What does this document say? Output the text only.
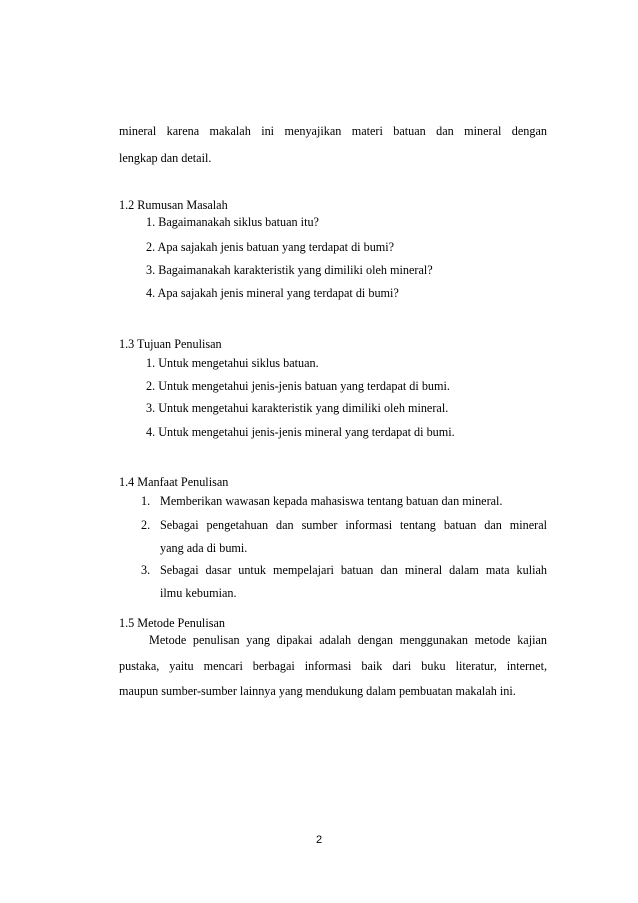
mineral karena makalah ini menyajikan materi batuan dan mineral dengan
lengkap dan detail.
1.2 Rumusan Masalah
1. Bagaimanakah siklus batuan itu?
2. Apa sajakah jenis batuan yang terdapat di bumi?
3. Bagaimanakah karakteristik yang dimiliki oleh mineral?
4. Apa sajakah jenis mineral yang terdapat di bumi?
1.3 Tujuan Penulisan
1. Untuk mengetahui siklus batuan.
2. Untuk mengetahui jenis-jenis batuan yang terdapat di bumi.
3. Untuk mengetahui karakteristik yang dimiliki oleh mineral.
4. Untuk mengetahui jenis-jenis mineral yang terdapat di bumi.
1.4 Manfaat Penulisan
1. Memberikan wawasan kepada mahasiswa tentang batuan dan mineral.
2. Sebagai pengetahuan dan sumber informasi tentang batuan dan mineral
yang ada di bumi.
3. Sebagai dasar untuk mempelajari batuan dan mineral dalam mata kuliah
ilmu kebumian.
1.5 Metode Penulisan
Metode penulisan yang dipakai adalah dengan menggunakan metode kajian
pustaka, yaitu mencari berbagai informasi baik dari buku literatur, internet,
maupun sumber-sumber lainnya yang mendukung dalam pembuatan makalah ini.
2
